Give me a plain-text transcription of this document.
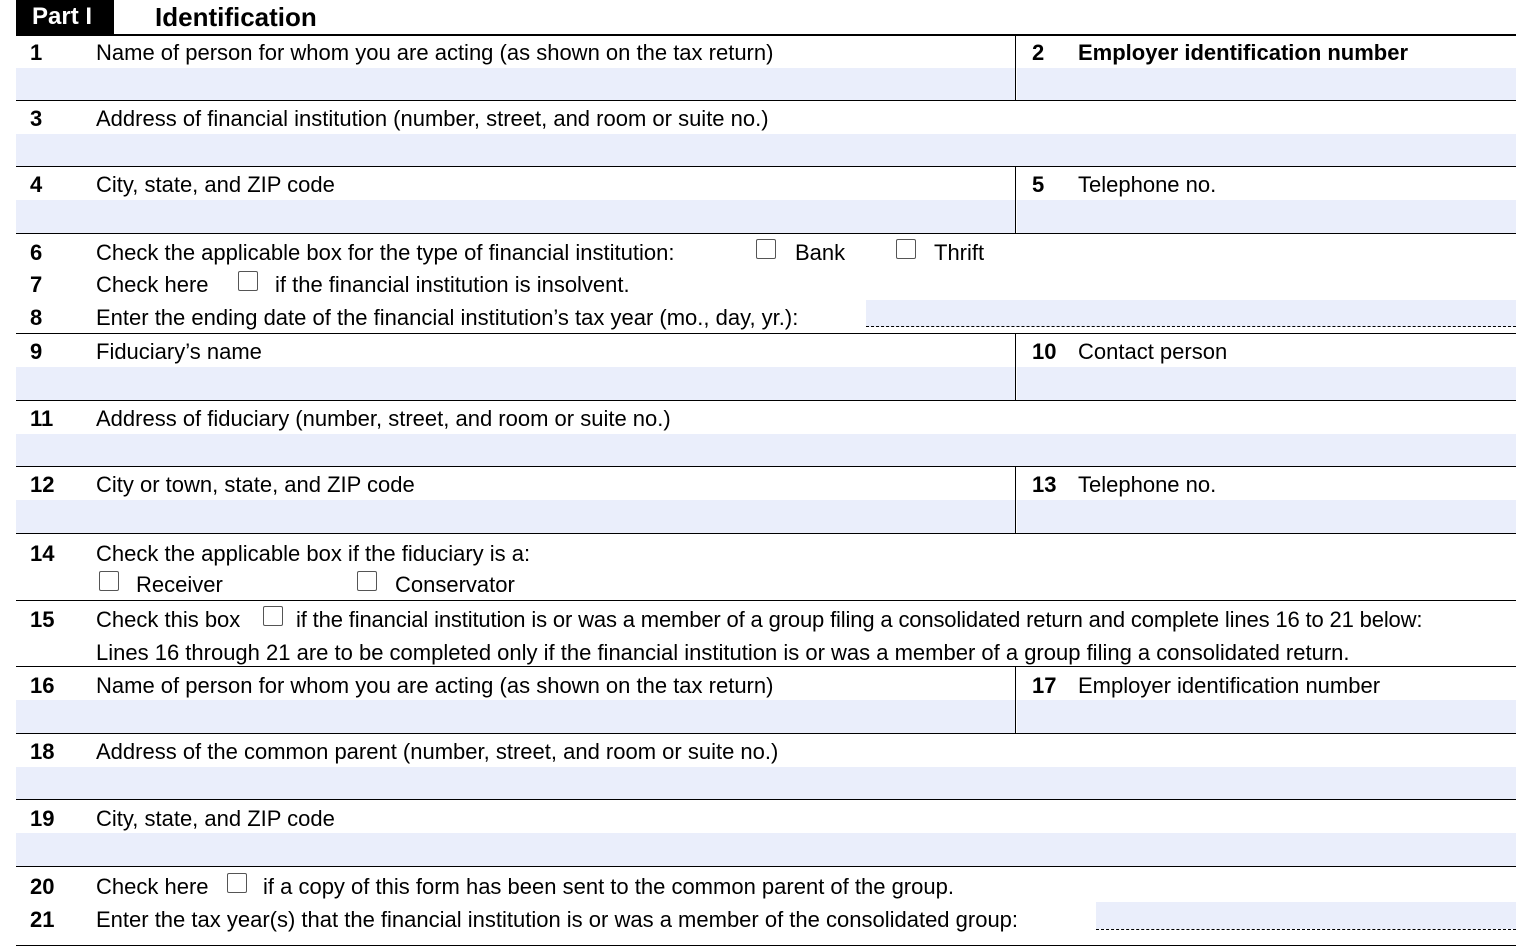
Part I	Identification
1 Name of person for whom you are acting (as shown on the tax return)	2 Employer identification number
3 Address of financial institution (number, street, and room or suite no.)
4 City, state, and ZIP code	5 Telephone no.
6 Check the applicable box for the type of financial institution:	Bank	Thrift
7 Check here	if the financial institution is insolvent.
8 Enter the ending date of the financial institution’s tax year (mo., day, yr.):
9 Fiduciary’s name	10 Contact person
11 Address of fiduciary (number, street, and room or suite no.)
12 City or town, state, and ZIP code	13 Telephone no.
14 Check the applicable box if the fiduciary is a:
Receiver	Conservator
15 Check this box	if the financial institution is or was a member of a group filing a consolidated return and complete lines 16 to 21 below:
Lines 16 through 21 are to be completed only if the financial institution is or was a member of a group filing a consolidated return.
16 Name of person for whom you are acting (as shown on the tax return)	17 Employer identification number
18 Address of the common parent (number, street, and room or suite no.)
19 City, state, and ZIP code
20 Check here if a copy of this form has been sent to the common parent of the group.
21 Enter the tax year(s) that the financial institution is or was a member of the consolidated group:
